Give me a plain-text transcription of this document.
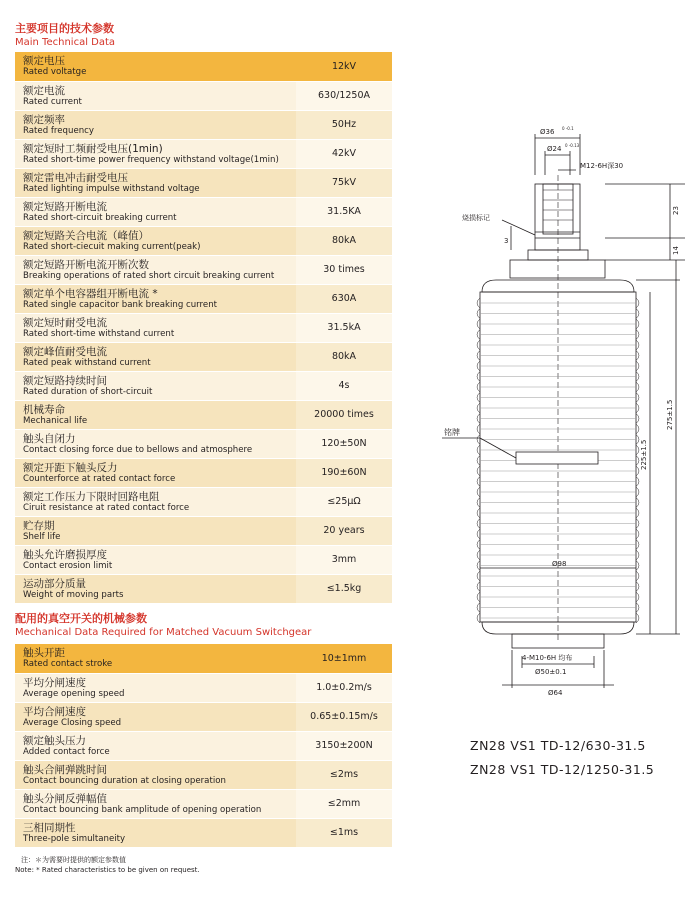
主要项目的技术参数
Main Technical Data
额定电压
Rated voltatge	12kV

额定电流
Rated current	630/1250A

额定频率
Rated frequency	50Hz

额定短时工频耐受电压(1min)
Rated short-time power frequency withstand voltage(1min)	42kV

额定雷电冲击耐受电压
Rated lighting impulse withstand voltage	75kV

额定短路开断电流
Rated short-circuit breaking current	31.5KA

额定短路关合电流（峰值）
Rated short-ciecuit making current(peak)	80kA

额定短路开断电流开断次数
Breaking operations of rated short circuit breaking current	30 times

额定单个电容器组开断电流 *
Rated single capacitor bank breaking current	630A

额定短时耐受电流
Rated short-time withstand current	31.5kA

额定峰值耐受电流
Rated peak withstand current	80kA

额定短路持续时间
Rated duration of short-circuit	4s

机械寿命
Mechanical life	20000 times

触头自闭力
Contact closing force due to bellows and atmosphere	120±50N

额定开距下触头反力
Counterforce at rated contact force	190±60N

额定工作压力下限时回路电阻
Ciruit resistance at rated contact force	≤25μΩ

贮存期
Shelf life	20 years

触头允许磨损厚度
Contact erosion limit	3mm

运动部分质量
Weight of moving parts	≤1.5kg
配用的真空开关的机械参数
Mechanical Data Required for Matched Vacuum Switchgear
触头开距
Rated contact stroke	10±1mm

平均分闸速度
Average opening speed	1.0±0.2m/s

平均合闸速度
Average Closing speed	0.65±0.15m/s

额定触头压力
Added contact force	3150±200N

触头合闸弹跳时间
Contact bouncing duration at closing operation	≤2ms

触头分闸反弹幅值
Contact bouncing bank amplitude of opening operation	≤2mm

三相同期性
Three-pole simultaneity	≤1ms
注：＊为需要时提供的额定参数值
Note: * Rated characteristics to be given on request.
Ø36 0 -0.1
Ø24 0 -0.13
M12-6H深30
23
烧损标记
3
14
275±1.5
225±1.5
铭牌
Ø98
4-M10-6H 均布
Ø50±0.1
Ø64
ZN28 VS1 TD-12/630-31.5
ZN28 VS1 TD-12/1250-31.5
